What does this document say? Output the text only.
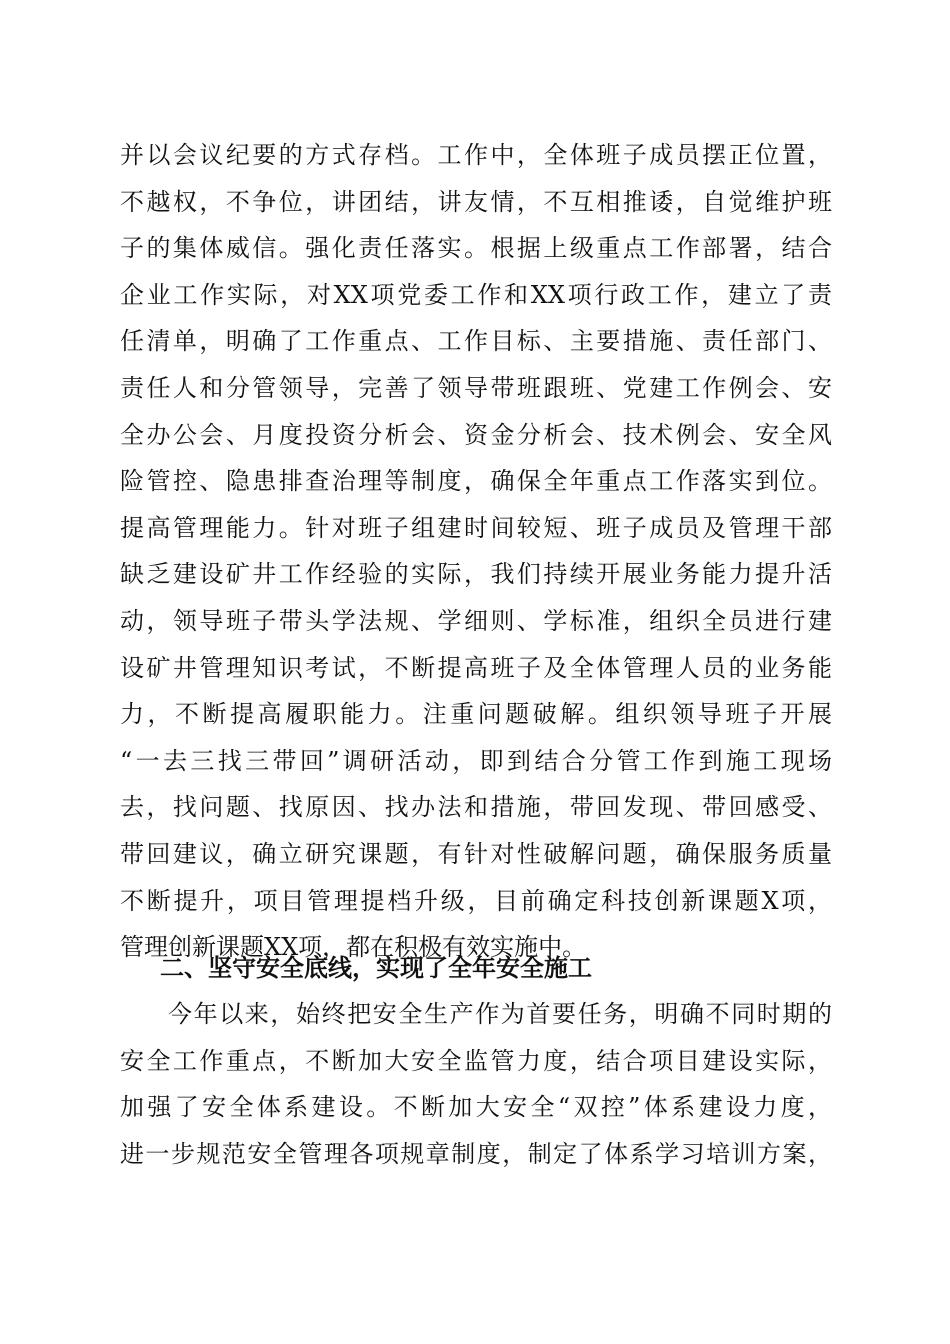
并以会议纪要的方式存档。工作中，全体班子成员摆正位置，
不越权，不争位，讲团结，讲友情，不互相推诿，自觉维护班
子的集体威信。强化责任落实。根据上级重点工作部署，结合
企业工作实际，对XX项党委工作和XX项行政工作，建立了责
任清单，明确了工作重点、工作目标、主要措施、责任部门、
责任人和分管领导，完善了领导带班跟班、党建工作例会、安
全办公会、月度投资分析会、资金分析会、技术例会、安全风
险管控、隐患排查治理等制度，确保全年重点工作落实到位。
提高管理能力。针对班子组建时间较短、班子成员及管理干部
缺乏建设矿井工作经验的实际，我们持续开展业务能力提升活
动，领导班子带头学法规、学细则、学标准，组织全员进行建
设矿井管理知识考试，不断提高班子及全体管理人员的业务能
力，不断提高履职能力。注重问题破解。组织领导班子开展
“一去三找三带回”调研活动，即到结合分管工作到施工现场
去，找问题、找原因、找办法和措施，带回发现、带回感受、
带回建议，确立研究课题，有针对性破解问题，确保服务质量
不断提升，项目管理提档升级，目前确定科技创新课题X项，
管理创新课题XX项，都在积极有效实施中。
二、坚守安全底线，实现了全年安全施工
今年以来，始终把安全生产作为首要任务，明确不同时期的
安全工作重点，不断加大安全监管力度，结合项目建设实际，
加强了安全体系建设。不断加大安全“双控”体系建设力度，
进一步规范安全管理各项规章制度，制定了体系学习培训方案，
